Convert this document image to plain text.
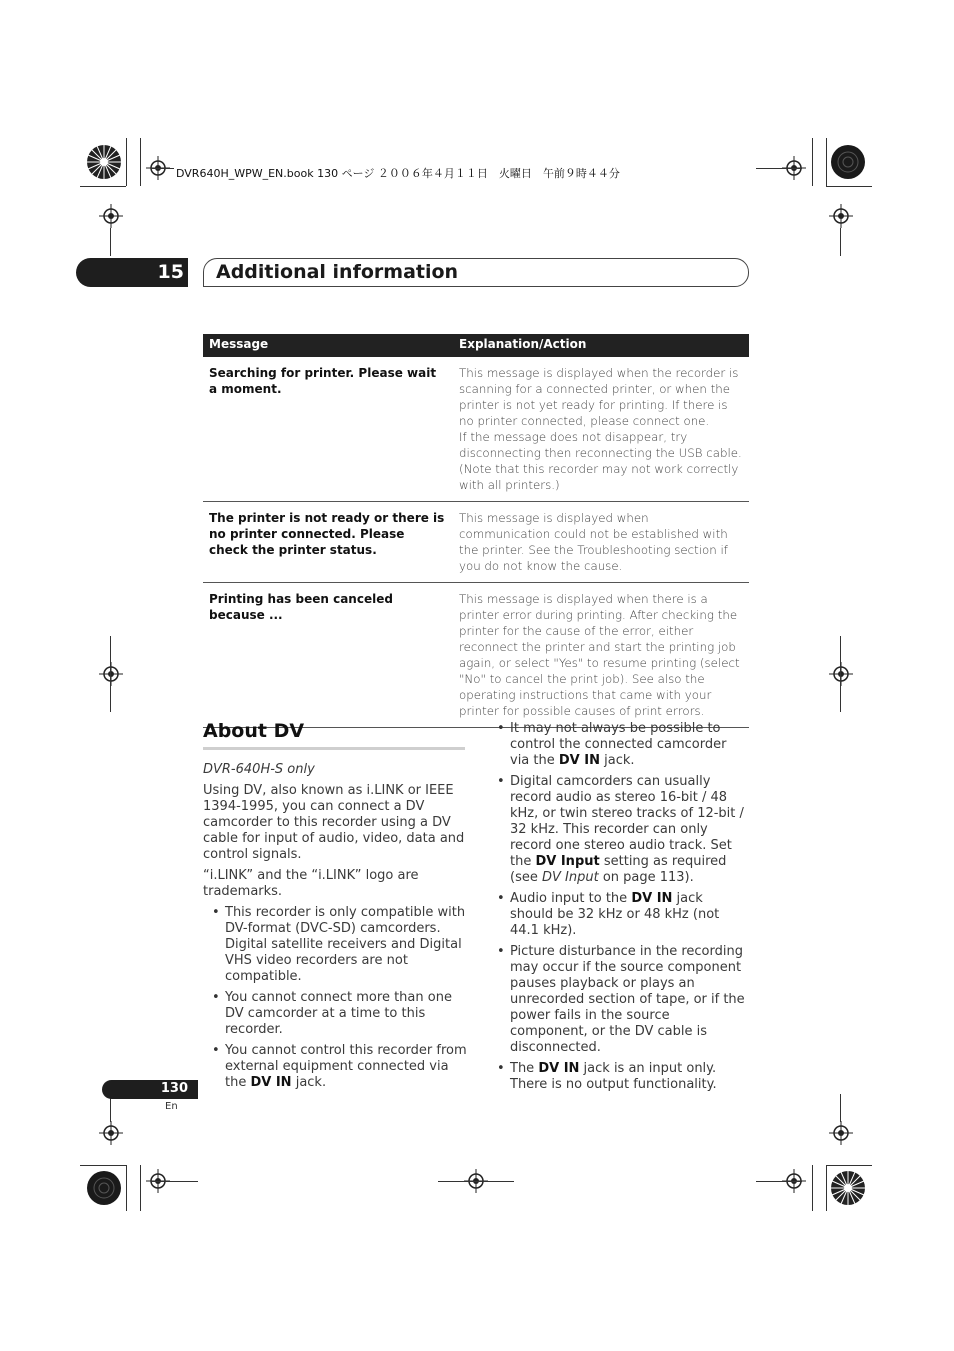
DVR640H_WPW_EN.book 130 ページ ２００６年４月１１日　火曜日　午前９時４４分
15 Additional information
Message	Explanation/Action
Searching for printer. Please wait a moment.	This message is displayed when the recorder is scanning for a connected printer, or when the printer is not yet ready for printing. If there is no printer connected, please connect one.
If the message does not disappear, try disconnecting then reconnecting the USB cable. (Note that this recorder may not work correctly with all printers.)

The printer is not ready or there is no printer connected. Please check the printer status.	This message is displayed when communication could not be established with the printer. See the Troubleshooting section if you do not know the cause.

Printing has been canceled because ...	This message is displayed when there is a printer error during printing. After checking the printer for the cause of the error, either reconnect the printer and start the printing job again, or select "Yes" to resume printing (select "No" to cancel the print job). See also the operating instructions that came with your printer for possible causes of print errors.
About DV

DVR-640H-S only

Using DV, also known as i.LINK or IEEE 1394-1995, you can connect a DV camcorder to this recorder using a DV cable for input of audio, video, data and control signals.

“i.LINK” and the “i.LINK” logo are trademarks.

• This recorder is only compatible with DV-format (DVC-SD) camcorders. Digital satellite receivers and Digital VHS video recorders are not compatible.
• You cannot connect more than one DV camcorder at a time to this recorder.
• You cannot control this recorder from external equipment connected via the DV IN jack.
• It may not always be possible to control the connected camcorder via the DV IN jack.
• Digital camcorders can usually record audio as stereo 16-bit / 48 kHz, or twin stereo tracks of 12-bit / 32 kHz. This recorder can only record one stereo audio track. Set the DV Input setting as required (see DV Input on page 113).
• Audio input to the DV IN jack should be 32 kHz or 48 kHz (not 44.1 kHz).
• Picture disturbance in the recording may occur if the source component pauses playback or plays an unrecorded section of tape, or if the power fails in the source component, or the DV cable is disconnected.
• The DV IN jack is an input only. There is no output functionality.
130
En
